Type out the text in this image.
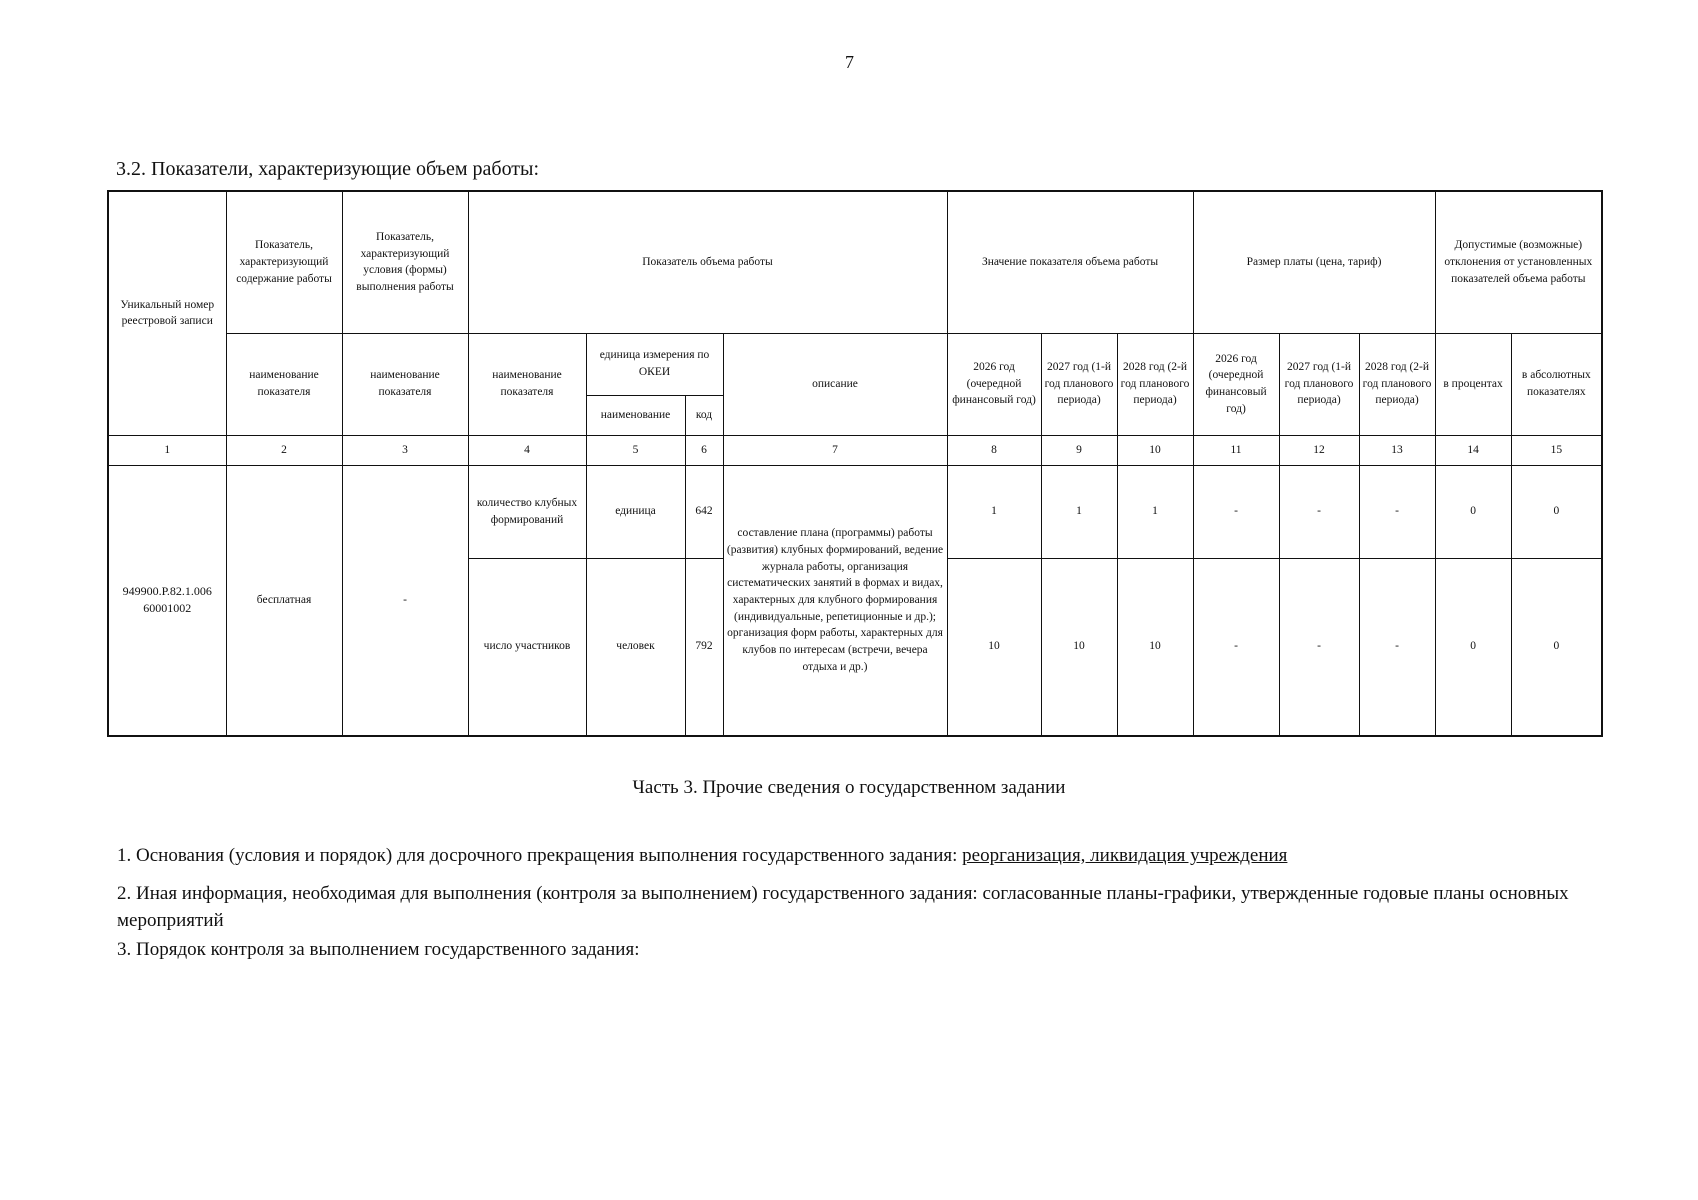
7
3.2. Показатели, характеризующие объем работы:
Уникальный номер реестровой записи	Показатель, характеризующий содержание работы	Показатель, характеризующий условия (формы) выполнения работы	Показатель объема работы				Значение показателя объема работы			Размер платы (цена, тариф)			Допустимые (возможные) отклонения от установленных показателей объема работы	
	наименование показателя	наименование показателя	наименование показателя	единица измерения по ОКЕИ		описание	2026 год (очередной финансовый год)	2027 год (1-й год планового периода)	2028 год (2-й год планового периода)	2026 год (очередной финансовый год)	2027 год (1-й год планового периода)	2028 год (2-й год планового периода)	в процентах	в абсолютных показателях
				наименование	код									
1	2	3	4	5	6	7	8	9	10	11	12	13	14	15
949900.Р.82.1.006 60001002	бесплатная	-	количество клубных формирований	единица	642	составление плана (программы) работы (развития) клубных формирований, ведение журнала работы, организация систематических занятий в формах и видах, характерных для клубного формирования (индивидуальные, репетиционные и др.); организация форм работы, характерных для клубов по интересам (встречи, вечера отдыха и др.)	1	1	1	-	-	-	0	0
			число участников	человек	792		10	10	10	-	-	-	0	0
Часть 3. Прочие сведения о государственном задании
1. Основания (условия и порядок) для досрочного прекращения выполнения государственного задания: реорганизация, ликвидация учреждения
2. Иная информация, необходимая для выполнения (контроля за выполнением) государственного задания: согласованные планы-графики, утвержденные годовые планы основных мероприятий
3. Порядок контроля за выполнением государственного задания:
